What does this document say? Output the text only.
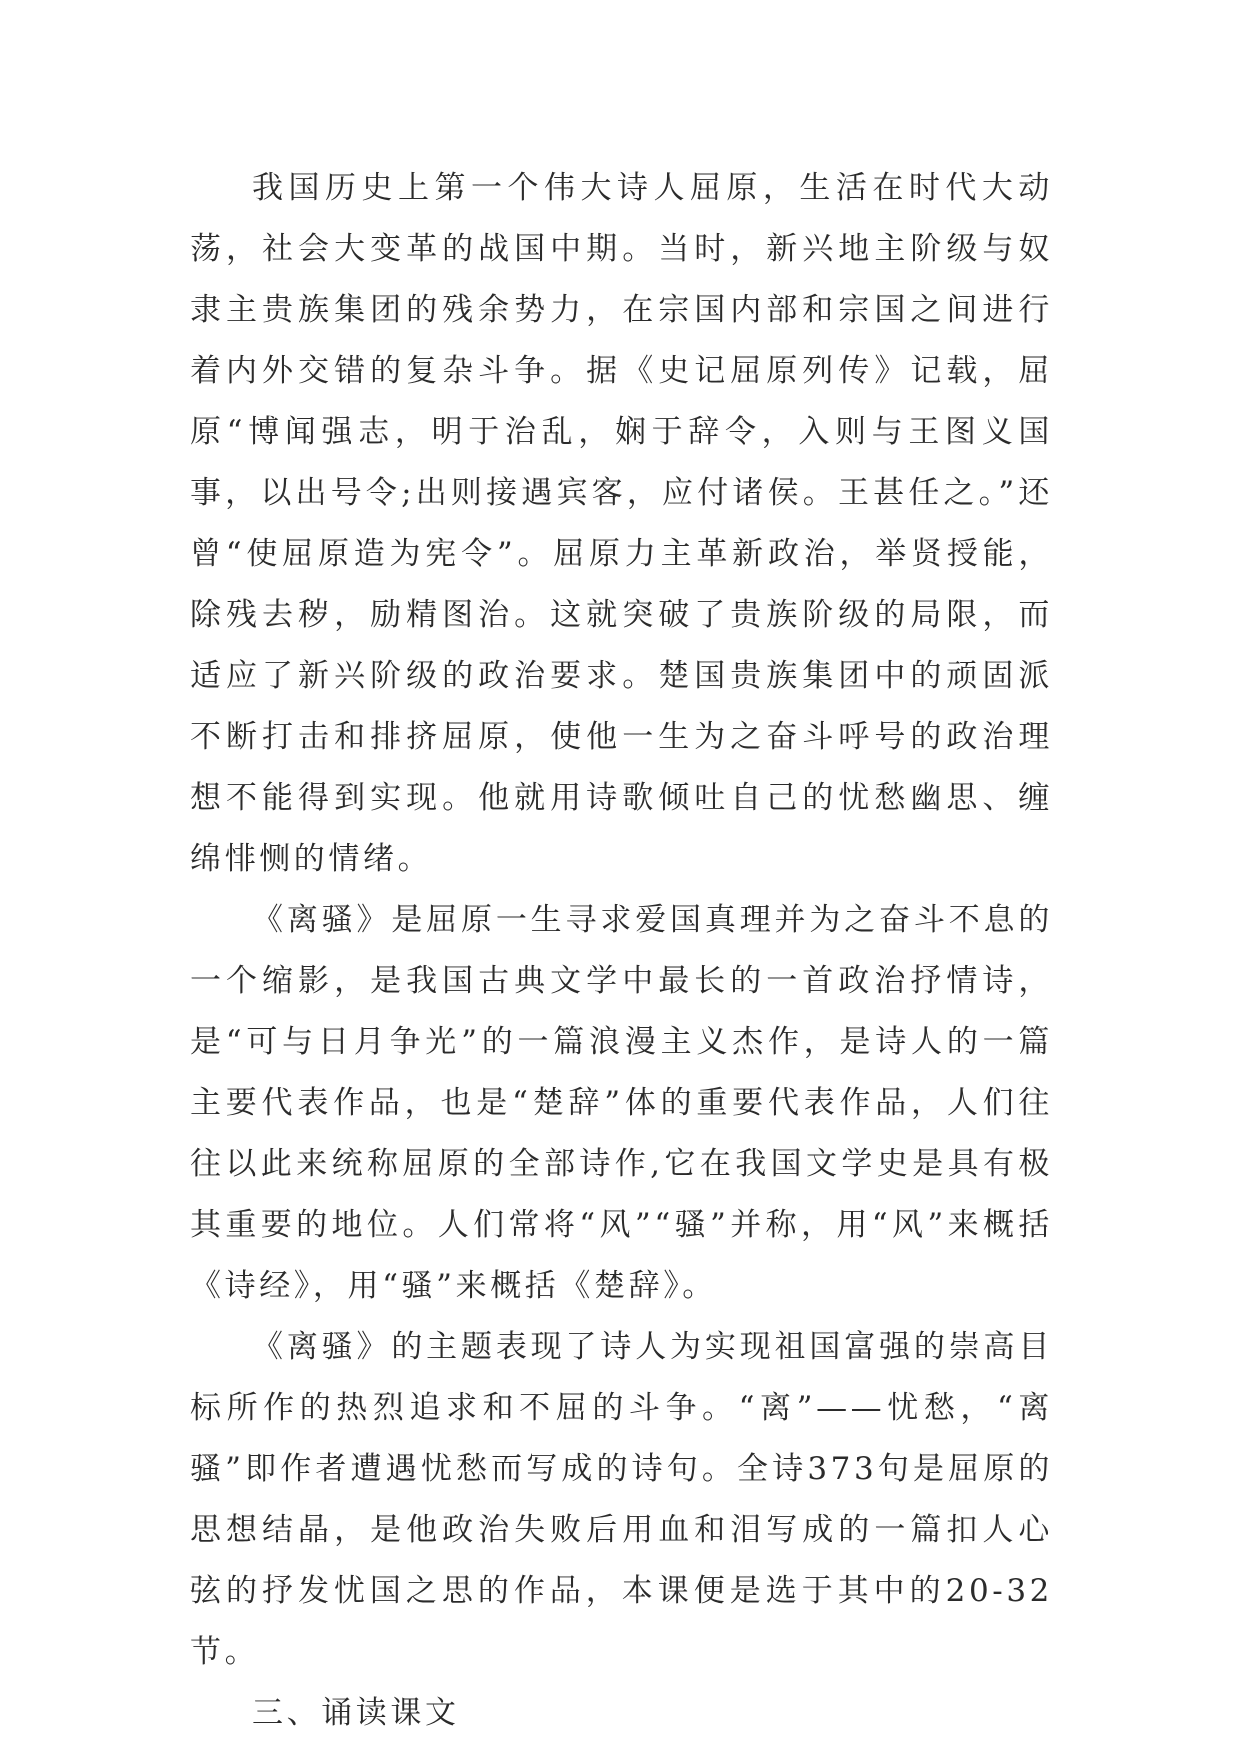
我国历史上第一个伟大诗人屈原，生活在时代大动荡，社会大变革的战国中期。当时，新兴地主阶级与奴隶主贵族集团的残余势力，在宗国内部和宗国之间进行着内外交错的复杂斗争。据《史记屈原列传》记载，屈原“博闻强志，明于治乱，娴于辞令，入则与王图义国事，以出号令;出则接遇宾客，应付诸侯。王甚任之。”还曾“使屈原造为宪令”。屈原力主革新政治，举贤授能，除残去秽，励精图治。这就突破了贵族阶级的局限，而适应了新兴阶级的政治要求。楚国贵族集团中的顽固派不断打击和排挤屈原，使他一生为之奋斗呼号的政治理想不能得到实现。他就用诗歌倾吐自己的忧愁幽思、缠绵悱恻的情绪。

《离骚》是屈原一生寻求爱国真理并为之奋斗不息的一个缩影，是我国古典文学中最长的一首政治抒情诗，是“可与日月争光”的一篇浪漫主义杰作，是诗人的一篇主要代表作品，也是“楚辞”体的重要代表作品，人们往往以此来统称屈原的全部诗作,它在我国文学史是具有极其重要的地位。人们常将“风”“骚”并称，用“风”来概括《诗经》，用“骚”来概括《楚辞》。

《离骚》的主题表现了诗人为实现祖国富强的崇高目标所作的热烈追求和不屈的斗争。“离”——忧愁，“离骚”即作者遭遇忧愁而写成的诗句。全诗373句是屈原的思想结晶，是他政治失败后用血和泪写成的一篇扣人心弦的抒发忧国之思的作品，本课便是选于其中的20-32节。

三、诵读课文
